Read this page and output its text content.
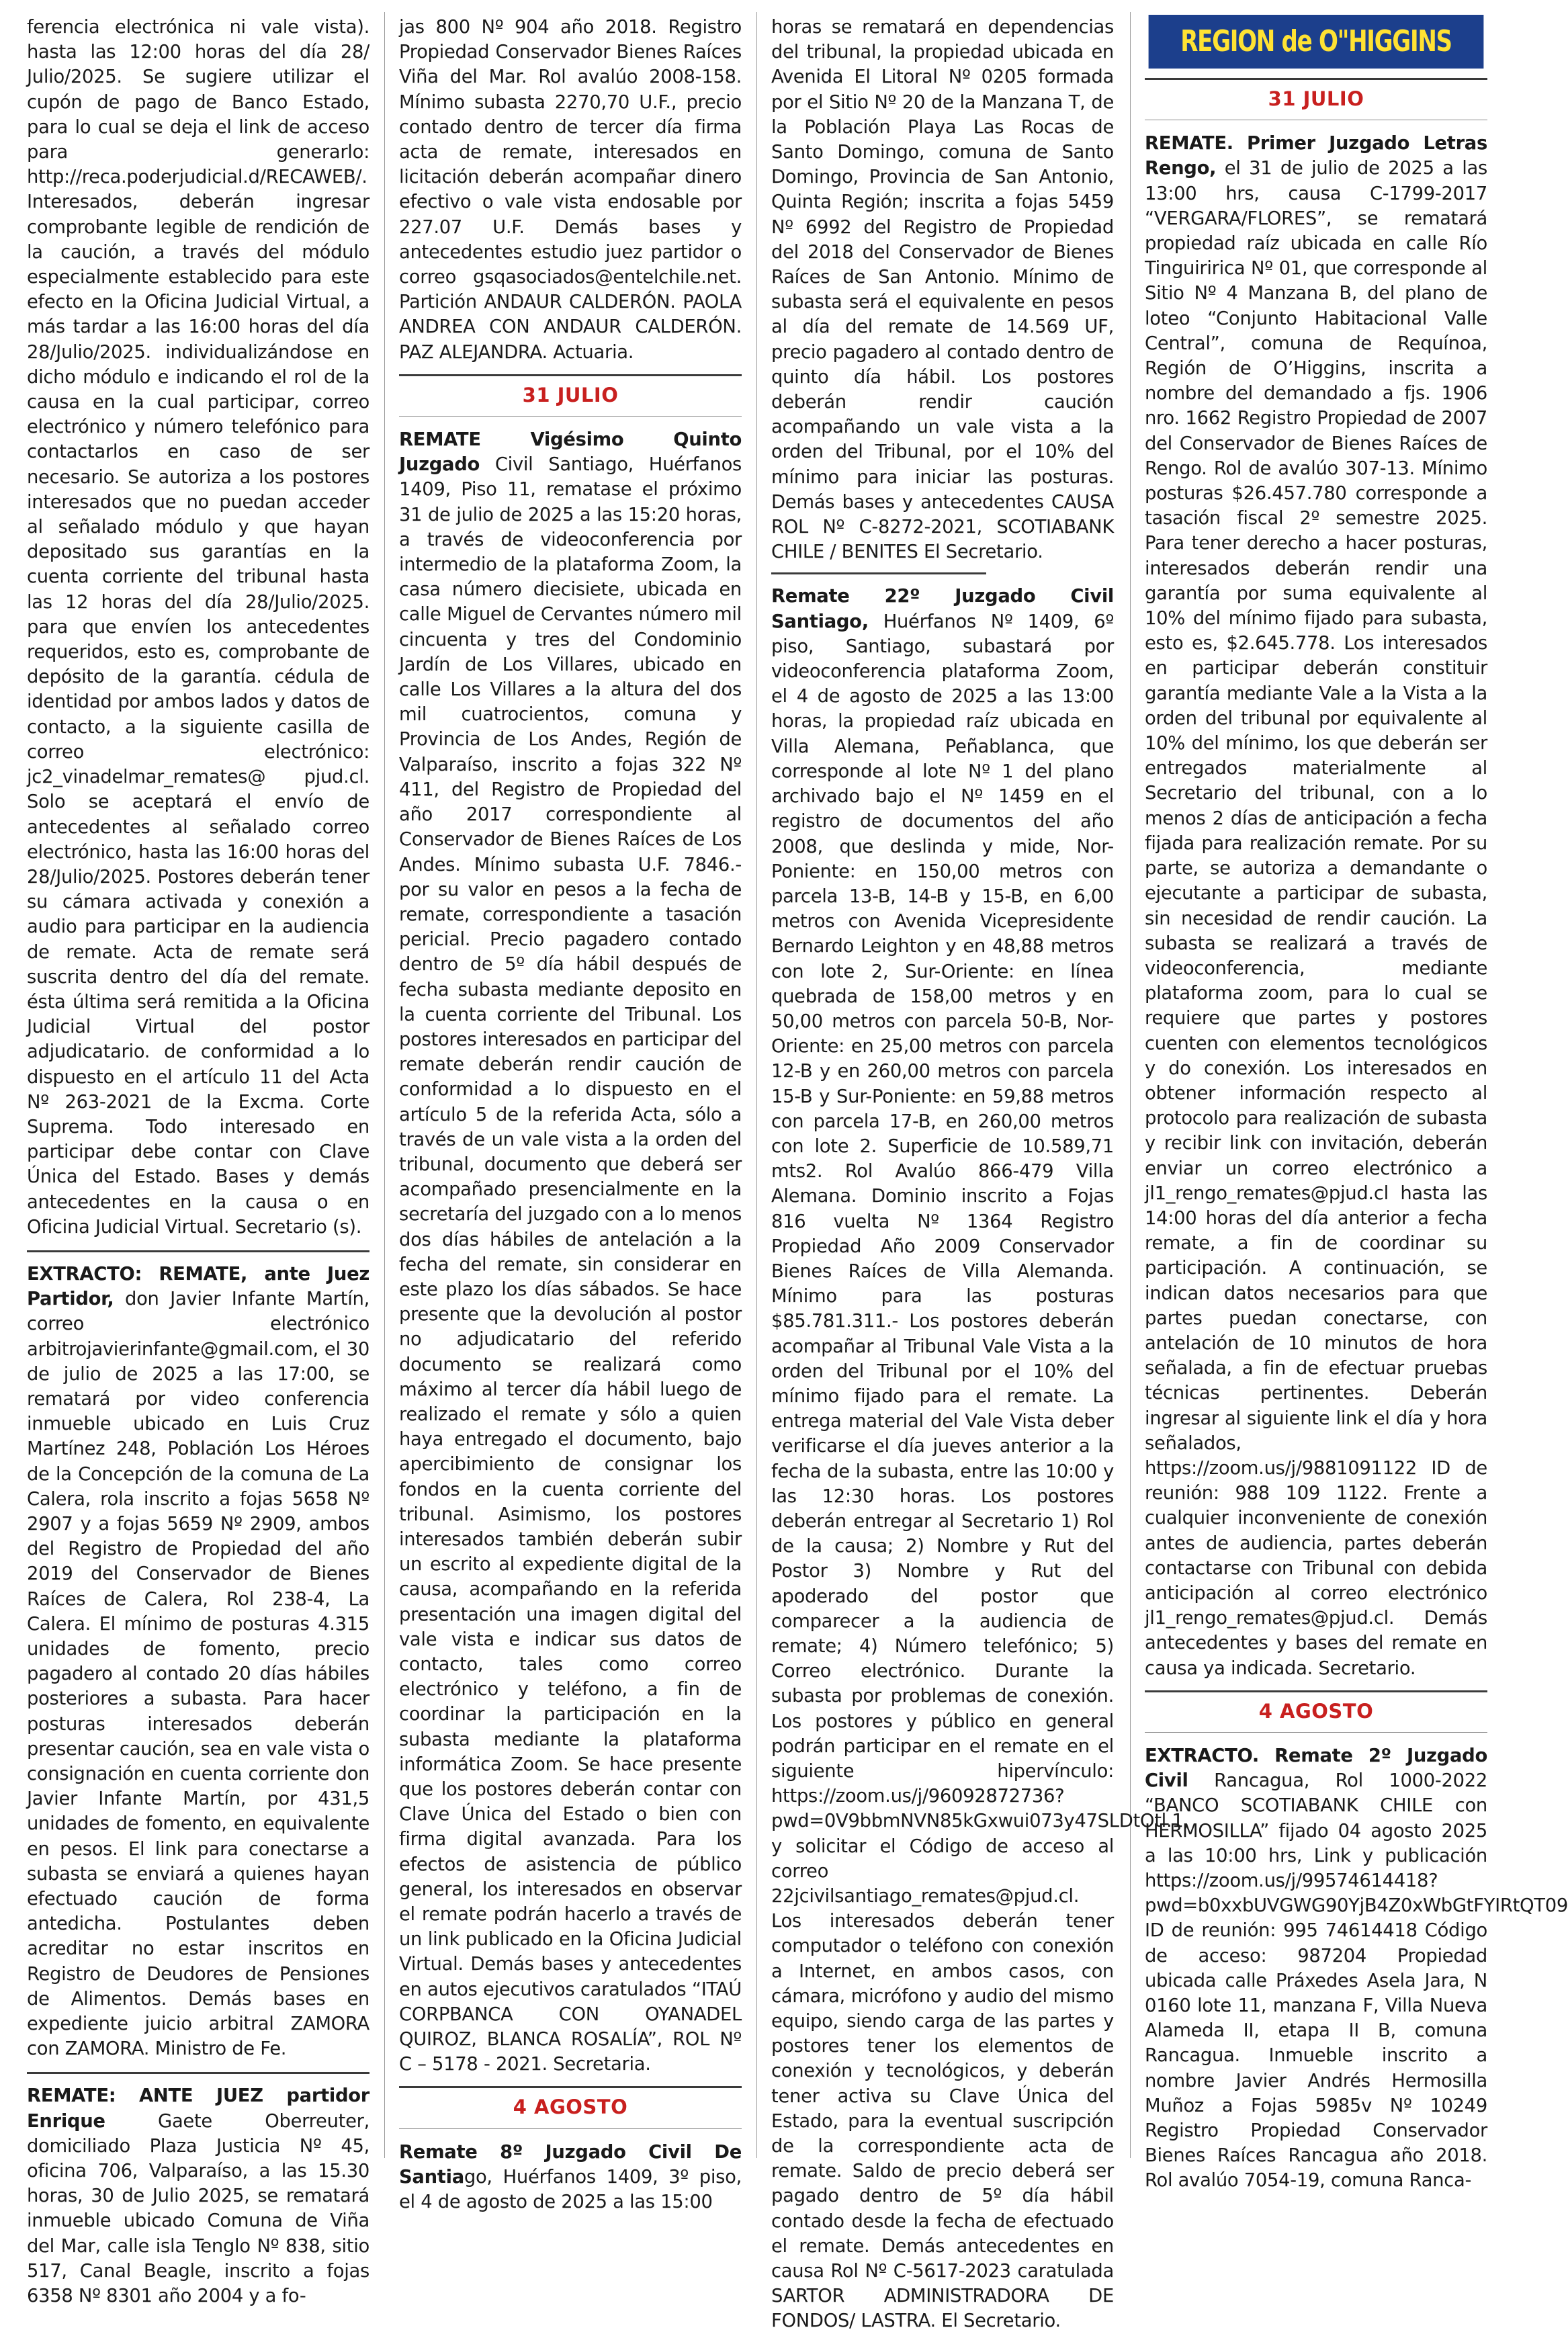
ferencia electrónica ni vale vista). hasta las 12:00 horas del día 28/ Julio/2025. Se sugiere utilizar el cupón de pago de Banco Estado, para lo cual se deja el link de acceso para generarlo: http://reca.poderjudicial.d/RECAWEB/. Interesados, deberán ingresar comprobante legible de rendición de la caución, a través del módulo especialmente establecido para este efecto en la Oficina Judicial Virtual, a más tardar a las 16:00 horas del día 28/Julio/2025. individualizándose en dicho módulo e indicando el rol de la causa en la cual participar, correo electrónico y número telefónico para contactarlos en caso de ser necesario. Se autoriza a los postores interesados que no puedan acceder al señalado módulo y que hayan depositado sus garantías en la cuenta corriente del tribunal hasta las 12 horas del día 28/Julio/2025. para que envíen los antecedentes requeridos, esto es, comprobante de depósito de la garantía. cédula de identidad por ambos lados y datos de contacto, a la siguiente casilla de correo electrónico: jc2_vinadelmar_remates@ pjud.cl. Solo se aceptará el envío de antecedentes al señalado correo electrónico, hasta las 16:00 horas del 28/Julio/2025. Postores deberán tener su cámara activada y conexión a audio para participar en la audiencia de remate. Acta de remate será suscrita dentro del día del remate. ésta última será remitida a la Oficina Judicial Virtual del postor adjudicatario. de conformidad a lo dispuesto en el artículo 11 del Acta Nº 263-2021 de la Excma. Corte Suprema. Todo interesado en participar debe contar con Clave Única del Estado. Bases y demás antecedentes en la causa o en Oficina Judicial Virtual. Secretario (s).

EXTRACTO: REMATE, ante Juez Partidor, don Javier Infante Martín, correo electrónico arbitrojavierinfante@gmail.com, el 30 de julio de 2025 a las 17:00, se rematará por video conferencia inmueble ubicado en Luis Cruz Martínez 248, Población Los Héroes de la Concepción de la comuna de La Calera, rola inscrito a fojas 5658 Nº 2907 y a fojas 5659 Nº 2909, ambos del Registro de Propiedad del año 2019 del Conservador de Bienes Raíces de Calera, Rol 238-4, La Calera. El mínimo de posturas 4.315 unidades de fomento, precio pagadero al contado 20 días hábiles posteriores a subasta. Para hacer posturas interesados deberán presentar caución, sea en vale vista o consignación en cuenta corriente don Javier Infante Martín, por 431,5 unidades de fomento, en equivalente en pesos. El link para conectarse a subasta se enviará a quienes hayan efectuado caución de forma antedicha. Postulantes deben acreditar no estar inscritos en Registro de Deudores de Pensiones de Alimentos. Demás bases en expediente juicio arbitral ZAMORA con ZAMORA. Ministro de Fe.

REMATE: ANTE JUEZ partidor Enrique Gaete Oberreuter, domiciliado Plaza Justicia Nº 45, oficina 706, Valparaíso, a las 15.30 horas, 30 de Julio 2025, se rematará inmueble ubicado Comuna de Viña del Mar, calle isla Tenglo Nº 838, sitio 517, Canal Beagle, inscrito a fojas 6358 Nº 8301 año 2004 y a fo-

jas 800 Nº 904 año 2018. Registro Propiedad Conservador Bienes Raíces Viña del Mar. Rol avalúo 2008-158. Mínimo subasta 2270,70 U.F., precio contado dentro de tercer día firma acta de remate, interesados en licitación deberán acompañar dinero efectivo o vale vista endosable por 227.07 U.F. Demás bases y antecedentes estudio juez partidor o correo gsqasociados@entelchile.net. Partición ANDAUR CALDERÓN. PAOLA ANDREA CON ANDAUR CALDERÓN. PAZ ALEJANDRA. Actuaria.

31 JULIO

REMATE Vigésimo Quinto Juzgado Civil Santiago, Huérfanos 1409, Piso 11, rematase el próximo 31 de julio de 2025 a las 15:20 horas, a través de videoconferencia por intermedio de la plataforma Zoom, la casa número diecisiete, ubicada en calle Miguel de Cervantes número mil cincuenta y tres del Condominio Jardín de Los Villares, ubicado en calle Los Villares a la altura del dos mil cuatrocientos, comuna y Provincia de Los Andes, Región de Valparaíso, inscrito a fojas 322 Nº 411, del Registro de Propiedad del año 2017 correspondiente al Conservador de Bienes Raíces de Los Andes. Mínimo subasta U.F. 7846.- por su valor en pesos a la fecha de remate, correspondiente a tasación pericial. Precio pagadero contado dentro de 5º día hábil después de fecha subasta mediante deposito en la cuenta corriente del Tribunal. Los postores interesados en participar del remate deberán rendir caución de conformidad a lo dispuesto en el artículo 5 de la referida Acta, sólo a través de un vale vista a la orden del tribunal, documento que deberá ser acompañado presencialmente en la secretaría del juzgado con a lo menos dos días hábiles de antelación a la fecha del remate, sin considerar en este plazo los días sábados. Se hace presente que la devolución al postor no adjudicatario del referido documento se realizará como máximo al tercer día hábil luego de realizado el remate y sólo a quien haya entregado el documento, bajo apercibimiento de consignar los fondos en la cuenta corriente del tribunal. Asimismo, los postores interesados también deberán subir un escrito al expediente digital de la causa, acompañando en la referida presentación una imagen digital del vale vista e indicar sus datos de contacto, tales como correo electrónico y teléfono, a fin de coordinar la participación en la subasta mediante la plataforma informática Zoom. Se hace presente que los postores deberán contar con Clave Única del Estado o bien con firma digital avanzada. Para los efectos de asistencia de público general, los interesados en observar el remate podrán hacerlo a través de un link publicado en la Oficina Judicial Virtual. Demás bases y antecedentes en autos ejecutivos caratulados “ITAÚ CORPBANCA CON OYANADEL QUIROZ, BLANCA ROSALÍA”, ROL Nº C – 5178 - 2021. Secretaria.

4 AGOSTO

Remate 8º Juzgado Civil De Santiago, Huérfanos 1409, 3º piso, el 4 de agosto de 2025 a las 15:00

horas se rematará en dependencias del tribunal, la propiedad ubicada en Avenida El Litoral Nº 0205 formada por el Sitio Nº 20 de la Manzana T, de la Población Playa Las Rocas de Santo Domingo, comuna de Santo Domingo, Provincia de San Antonio, Quinta Región; inscrita a fojas 5459 Nº 6992 del Registro de Propiedad del 2018 del Conservador de Bienes Raíces de San Antonio. Mínimo de subasta será el equivalente en pesos al día del remate de 14.569 UF, precio pagadero al contado dentro de quinto día hábil. Los postores deberán rendir caución acompañando un vale vista a la orden del Tribunal, por el 10% del mínimo para iniciar las posturas. Demás bases y antecedentes CAUSA ROL Nº C-8272-2021, SCOTIABANK CHILE / BENITES El Secretario.

Remate 22º Juzgado Civil Santiago, Huérfanos Nº 1409, 6º piso, Santiago, subastará por videoconferencia plataforma Zoom, el 4 de agosto de 2025 a las 13:00 horas, la propiedad raíz ubicada en Villa Alemana, Peñablanca, que corresponde al lote Nº 1 del plano archivado bajo el Nº 1459 en el registro de documentos del año 2008, que deslinda y mide, Nor-Poniente: en 150,00 metros con parcela 13-B, 14-B y 15-B, en 6,00 metros con Avenida Vicepresidente Bernardo Leighton y en 48,88 metros con lote 2, Sur-Oriente: en línea quebrada de 158,00 metros y en 50,00 metros con parcela 50-B, Nor-Oriente: en 25,00 metros con parcela 12-B y en 260,00 metros con parcela 15-B y Sur-Poniente: en 59,88 metros con parcela 17-B, en 260,00 metros con lote 2. Superficie de 10.589,71 mts2. Rol Avalúo 866-479 Villa Alemana. Dominio inscrito a Fojas 816 vuelta Nº 1364 Registro Propiedad Año 2009 Conservador Bienes Raíces de Villa Alemanda. Mínimo para las posturas $85.781.311.- Los postores deberán acompañar al Tribunal Vale Vista a la orden del Tribunal por el 10% del mínimo fijado para el remate. La entrega material del Vale Vista deber verificarse el día jueves anterior a la fecha de la subasta, entre las 10:00 y las 12:30 horas. Los postores deberán entregar al Secretario 1) Rol de la causa; 2) Nombre y Rut del Postor 3) Nombre y Rut del apoderado del postor que comparecer a la audiencia de remate; 4) Número telefónico; 5) Correo electrónico. Durante la subasta por problemas de conexión. Los postores y público en general podrán participar en el remate en el siguiente hipervínculo: https://zoom.us/j/96092872736?pwd=0V9bbmNVN85kGxwui073y47SLDtOtl.1, y solicitar el Código de acceso al correo 22jcivilsantiago_remates@pjud.cl. Los interesados deberán tener computador o teléfono con conexión a Internet, en ambos casos, con cámara, micrófono y audio del mismo equipo, siendo carga de las partes y postores tener los elementos de conexión y tecnológicos, y deberán tener activa su Clave Única del Estado, para la eventual suscripción de la correspondiente acta de remate. Saldo de precio deberá ser pagado dentro de 5º día hábil contado desde la fecha de efectuado el remate. Demás antecedentes en causa Rol Nº C-5617-2023 caratulada SARTOR ADMINISTRADORA DE FONDOS/ LASTRA. El Secretario.

REGION de O"HIGGINS
31 JULIO

REMATE. Primer Juzgado Letras Rengo, el 31 de julio de 2025 a las 13:00 hrs, causa C-1799-2017 “VERGARA/FLORES”, se rematará propiedad raíz ubicada en calle Río Tinguiririca Nº 01, que corresponde al Sitio Nº 4 Manzana B, del plano de loteo “Conjunto Habitacional Valle Central”, comuna de Requínoa, Región de O’Higgins, inscrita a nombre del demandado a fjs. 1906 nro. 1662 Registro Propiedad de 2007 del Conservador de Bienes Raíces de Rengo. Rol de avalúo 307-13. Mínimo posturas $26.457.780 corresponde a tasación fiscal 2º semestre 2025. Para tener derecho a hacer posturas, interesados deberán rendir una garantía por suma equivalente al 10% del mínimo fijado para subasta, esto es, $2.645.778. Los interesados en participar deberán constituir garantía mediante Vale a la Vista a la orden del tribunal por equivalente al 10% del mínimo, los que deberán ser entregados materialmente al Secretario del tribunal, con a lo menos 2 días de anticipación a fecha fijada para realización remate. Por su parte, se autoriza a demandante o ejecutante a participar de subasta, sin necesidad de rendir caución. La subasta se realizará a través de videoconferencia, mediante plataforma zoom, para lo cual se requiere que partes y postores cuenten con elementos tecnológicos y do conexión. Los interesados en obtener información respecto al protocolo para realización de subasta y recibir link con invitación, deberán enviar un correo electrónico a jl1_rengo_remates@pjud.cl hasta las 14:00 horas del día anterior a fecha remate, a fin de coordinar su participación. A continuación, se indican datos necesarios para que partes puedan conectarse, con antelación de 10 minutos de hora señalada, a fin de efectuar pruebas técnicas pertinentes. Deberán ingresar al siguiente link el día y hora señalados, https://zoom.us/j/9881091122 ID de reunión: 988 109 1122. Frente a cualquier inconveniente de conexión antes de audiencia, partes deberán contactarse con Tribunal con debida anticipación al correo electrónico jl1_rengo_remates@pjud.cl. Demás antecedentes y bases del remate en causa ya indicada. Secretario.

4 AGOSTO

EXTRACTO. Remate 2º Juzgado Civil Rancagua, Rol 1000-2022 “BANCO SCOTIABANK CHILE con HERMOSILLA” fijado 04 agosto 2025 a las 10:00 hrs, Link y publicación https://zoom.us/j/99574614418?pwd=b0xxbUVGWG90YjB4Z0xWbGtFYIRtQT09 ID de reunión: 995 74614418 Código de acceso: 987204 Propiedad ubicada calle Práxedes Asela Jara, N 0160 lote 11, manzana F, Villa Nueva Alameda II, etapa II B, comuna Rancagua. Inmueble inscrito a nombre Javier Andrés Hermosilla Muñoz a Fojas 5985v Nº 10249 Registro Propiedad Conservador Bienes Raíces Rancagua año 2018. Rol avalúo 7054-19, comuna Ranca-
